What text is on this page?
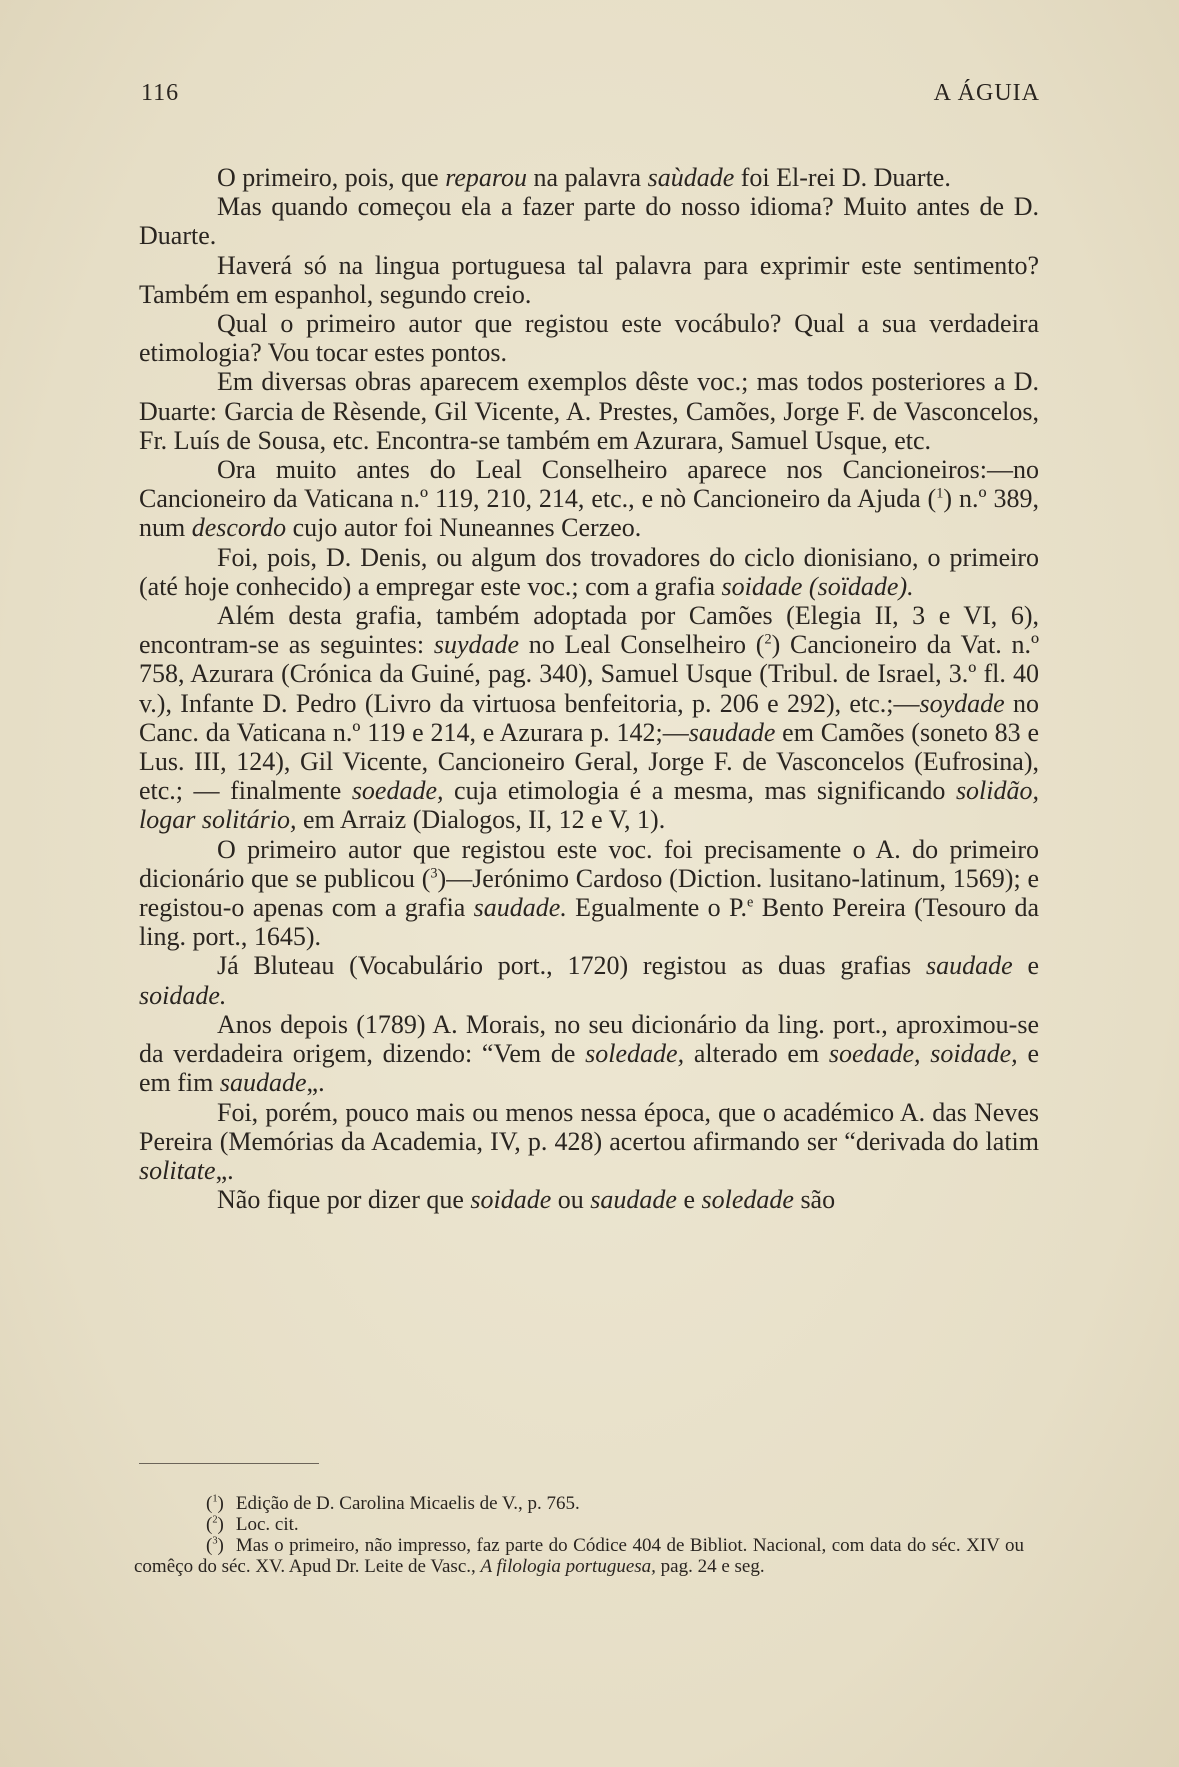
116	A ÁGUIA

O primeiro, pois, que reparou na palavra saùdade foi El-rei D. Duarte.

Mas quando começou ela a fazer parte do nosso idioma? Muito antes de D. Duarte.

Haverá só na lingua portuguesa tal palavra para exprimir este sentimento? Também em espanhol, segundo creio.

Qual o primeiro autor que registou este vocábulo? Qual a sua verdadeira etimologia? Vou tocar estes pontos.

Em diversas obras aparecem exemplos dêste voc.; mas todos posteriores a D. Duarte: Garcia de Rèsende, Gil Vicente, A. Prestes, Camões, Jorge F. de Vasconcelos, Fr. Luís de Sousa, etc. Encontra-se também em Azurara, Samuel Usque, etc.

Ora muito antes do Leal Conselheiro aparece nos Cancioneiros:—no Cancioneiro da Vaticana n.º 119, 210, 214, etc., e nò Cancioneiro da Ajuda ($^1$) n.º 389, num descordo cujo autor foi Nuneannes Cerzeo.

Foi, pois, D. Denis, ou algum dos trovadores do ciclo dionisiano, o primeiro (até hoje conhecido) a empregar este voc.; com a grafia soidade (soïdade).

Além desta grafia, também adoptada por Camões (Elegia II, 3 e VI, 6), encontram-se as seguintes: suydade no Leal Conselheiro ($^2$) Cancioneiro da Vat. n.º 758, Azurara (Crónica da Guiné, pag. 340), Samuel Usque (Tribul. de Israel, 3.º fl. 40 v.), Infante D. Pedro (Livro da virtuosa benfeitoria, p. 206 e 292), etc.;—soydade no Canc. da Vaticana n.º 119 e 214, e Azurara p. 142;—saudade em Camões (soneto 83 e Lus. III, 124), Gil Vicente, Cancioneiro Geral, Jorge F. de Vasconcelos (Eufrosina), etc.; — finalmente soedade, cuja etimologia é a mesma, mas significando solidão, logar solitário, em Arraiz (Dialogos, II, 12 e V, 1).

O primeiro autor que registou este voc. foi precisamente o A. do primeiro dicionário que se publicou ($^3$)—Jerónimo Cardoso (Diction. lusitano-latinum, 1569); e registou-o apenas com a grafia saudade. Egualmente o P.$^e$ Bento Pereira (Tesouro da ling. port., 1645).

Já Bluteau (Vocabulário port., 1720) registou as duas grafias saudade e soidade.

Anos depois (1789) A. Morais, no seu dicionário da ling. port., aproximou-se da verdadeira origem, dizendo: “Vem de soledade, alterado em soedade, soidade, e em fim saudade„.

Foi, porém, pouco mais ou menos nessa época, que o académico A. das Neves Pereira (Memórias da Academia, IV, p. 428) acertou afirmando ser “derivada do latim solitate„.

Não fique por dizer que soidade ou saudade e soledade são

($^1$) Edição de D. Carolina Micaelis de V., p. 765.

($^2$) Loc. cit.

($^3$) Mas o primeiro, não impresso, faz parte do Códice 404 de Bibliot. Nacional, com data do séc. XIV ou comêço do séc. XV. Apud Dr. Leite de Vasc., A filologia portuguesa, pag. 24 e seg.
